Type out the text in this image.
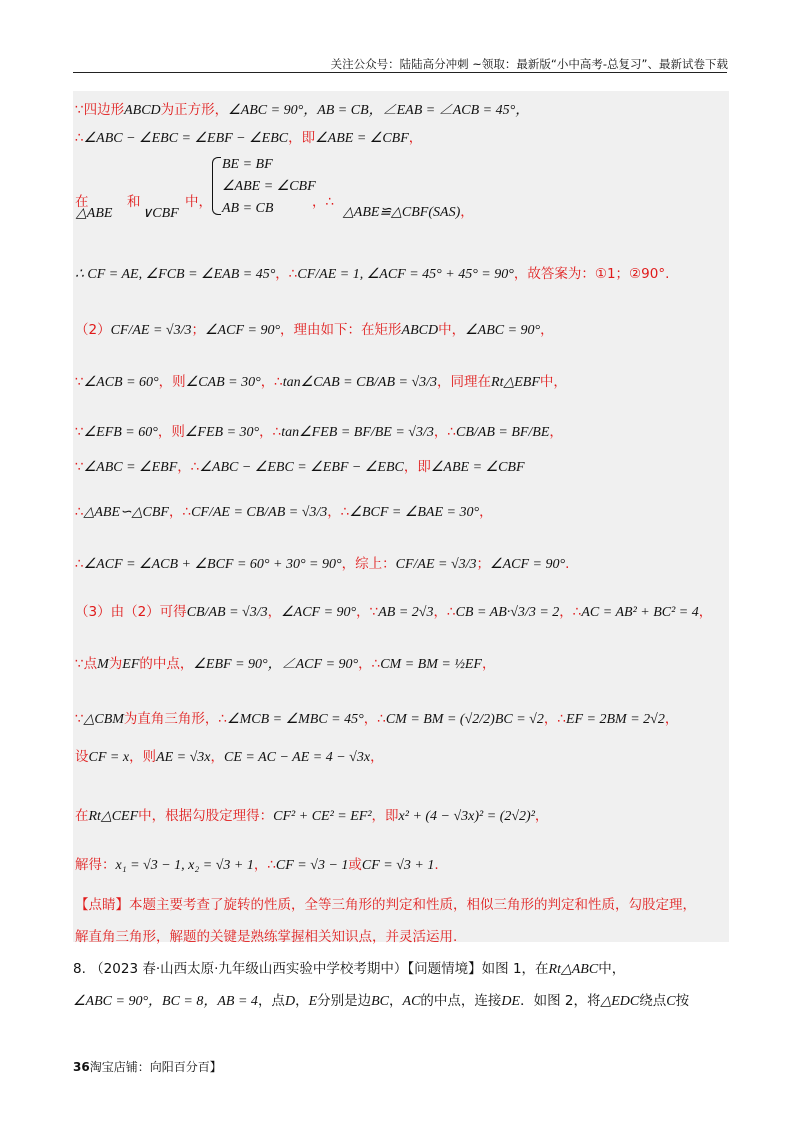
关注公众号：陆陆高分冲刺 ~领取：最新版“小中高考-总复习”、最新试卷下载
∵四边形ABCD为正方形，∠ABC = 90°，AB = CB，∠EAB = ∠ACB = 45°，
∴∠ABC − ∠EBC = ∠EBF − ∠EBC，即∠ABE = ∠CBF，
在
△ABE
和
∨CBF
中，
BE = BF
∠ABE = ∠CBF
AB = CB	，∴
△ABE≌△CBF(SAS)，
∴ CF = AE, ∠FCB = ∠EAB = 45°，∴CF/AE = 1, ∠ACF = 45° + 45° = 90°，故答案为：①1；②90°.
（2）CF/AE = √3/3；∠ACF = 90°，理由如下：在矩形ABCD中，∠ABC = 90°，
∵∠ACB = 60°，则∠CAB = 30°，∴tan∠CAB = CB/AB = √3/3，同理在Rt△EBF中，
∵∠EFB = 60°，则∠FEB = 30°，∴tan∠FEB = BF/BE = √3/3，∴CB/AB = BF/BE，
∵∠ABC = ∠EBF，∴∠ABC − ∠EBC = ∠EBF − ∠EBC，即∠ABE = ∠CBF
∴△ABE∽△CBF，∴CF/AE = CB/AB = √3/3，∴∠BCF = ∠BAE = 30°，
∴∠ACF = ∠ACB + ∠BCF = 60° + 30° = 90°，综上：CF/AE = √3/3；∠ACF = 90°.
（3）由（2）可得CB/AB = √3/3，∠ACF = 90°，∵AB = 2√3，∴CB = AB·√3/3 = 2，∴AC = AB² + BC² = 4，
∵点M为EF的中点，∠EBF = 90°，∠ACF = 90°，∴CM = BM = ½EF，
∵△CBM为直角三角形，∴∠MCB = ∠MBC = 45°，∴CM = BM = (√2/2)BC = √2，∴EF = 2BM = 2√2，
设CF = x，则AE = √3x，CE = AC − AE = 4 − √3x，
在Rt△CEF中，根据勾股定理得：CF² + CE² = EF²，即x² + (4 − √3x)² = (2√2)²，
解得：x₁ = √3 − 1, x₂ = √3 + 1，∴CF = √3 − 1或CF = √3 + 1.
【点睛】本题主要考查了旋转的性质，全等三角形的判定和性质，相似三角形的判定和性质，勾股定理，
解直角三角形，解题的关键是熟练掌握相关知识点，并灵活运用.
8. （2023 春·山西太原·九年级山西实验中学校考期中）【问题情境】如图 1，在Rt△ABC中，
∠ABC = 90°，BC = 8，AB = 4，点D，E分别是边BC，AC的中点，连接DE．如图 2，将△EDC绕点C按
36淘宝店铺：向阳百分百】
